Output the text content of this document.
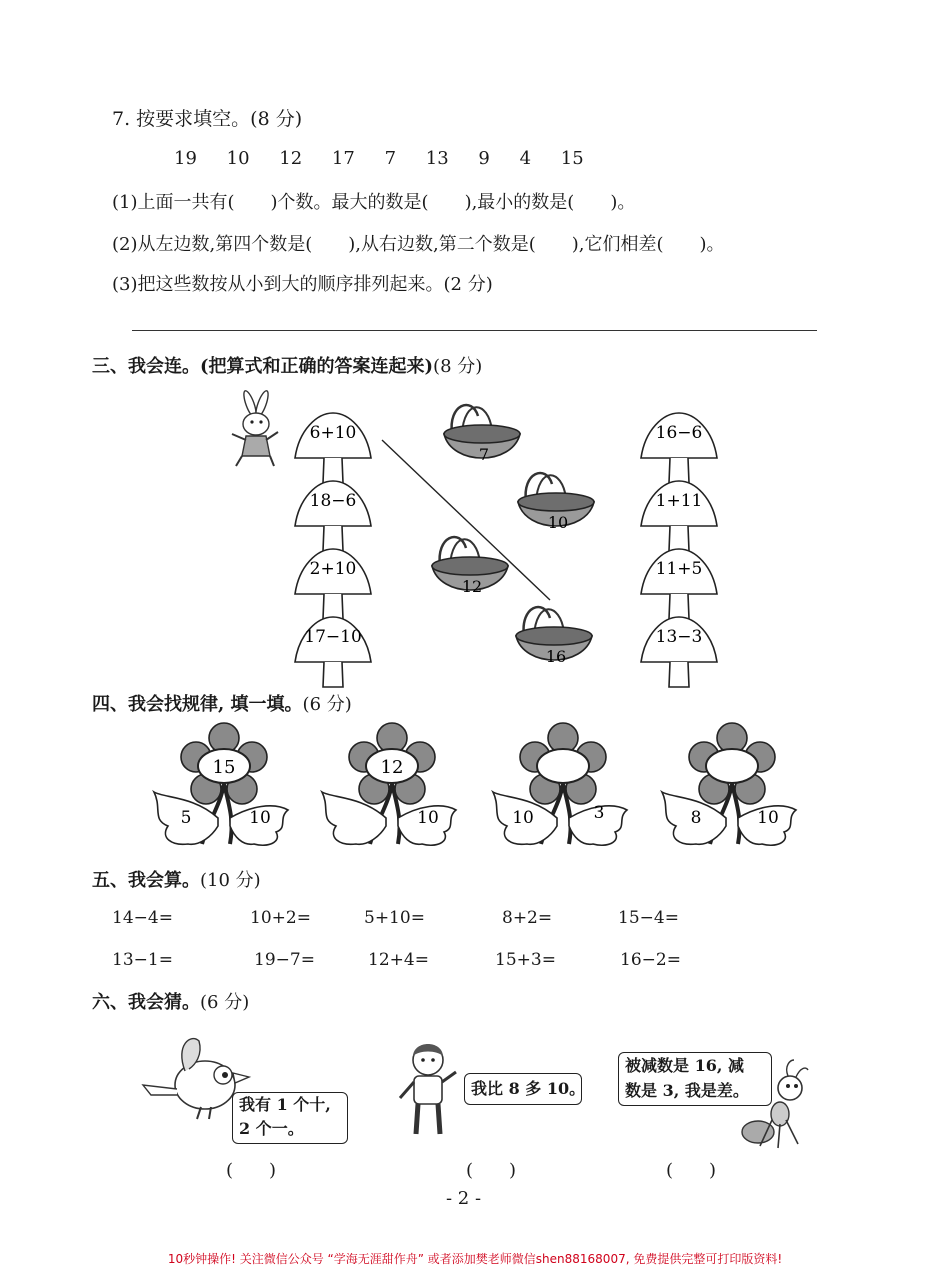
7. 按要求填空。(8 分)
19 10 12 17 7 13 9 4 15
(1)上面一共有(　　)个数。最大的数是(　　),最小的数是(　　)。
(2)从左边数,第四个数是(　　),从右边数,第二个数是(　　),它们相差(　　)。
(3)把这些数按从小到大的顺序排列起来。(2 分)
三、我会连。(把算式和正确的答案连起来)(8 分)
6+10
18−6
2+10
17−10
7
10
12
16
16−6
1+11
11+5
13−3
15
5	10
12
10	10	3	8	10
四、我会找规律, 填一填。(6 分)
五、我会算。(10 分)
14−4=	10+2=	5+10=	8+2=	15−4=
13−1=	19−7=	12+4=	15+3=	16−2=
六、我会猜。(6 分)
我有 1 个十,
2 个一。
我比 8 多 10。
被减数是 16, 减
数是 3, 我是差。
(　　)	(　　)	(　　)
- 2 -
10秒钟操作! 关注微信公众号 “学海无涯甜作舟” 或者添加樊老师微信shen88168007, 免费提供完整可打印版资料!
